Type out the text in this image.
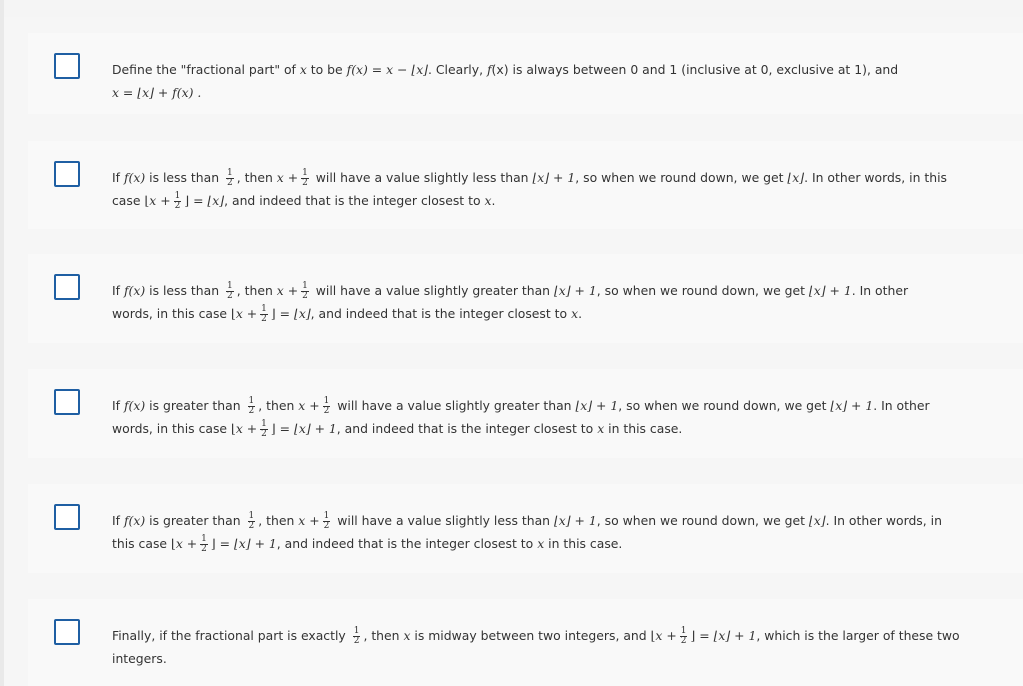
Define the "fractional part" of x to be f(x) = x − ⌊x⌋. Clearly, f(x) is always between 0 and 1 (inclusive at 0, exclusive at 1), and
x = ⌊x⌋ + f(x) .
If f(x) is less than $\frac{1}{2}$ , then $x + \frac{1}{2}$ will have a value slightly less than ⌊x⌋ + 1, so when we round down, we get ⌊x⌋. In other words, in this
case ⌊x + $\frac{1}{2}$ ⌋ = ⌊x⌋, and indeed that is the integer closest to x.
If f(x) is less than $\frac{1}{2}$ , then $x + \frac{1}{2}$ will have a value slightly greater than ⌊x⌋ + 1, so when we round down, we get ⌊x⌋ + 1. In other
words, in this case ⌊x + $\frac{1}{2}$ ⌋ = ⌊x⌋, and indeed that is the integer closest to x.
If f(x) is greater than $\frac{1}{2}$ , then $x + \frac{1}{2}$ will have a value slightly greater than ⌊x⌋ + 1, so when we round down, we get ⌊x⌋ + 1. In other
words, in this case ⌊x + $\frac{1}{2}$ ⌋ = ⌊x⌋ + 1, and indeed that is the integer closest to x in this case.
If f(x) is greater than $\frac{1}{2}$ , then $x + \frac{1}{2}$ will have a value slightly less than ⌊x⌋ + 1, so when we round down, we get ⌊x⌋. In other words, in
this case ⌊x + $\frac{1}{2}$ ⌋ = ⌊x⌋ + 1, and indeed that is the integer closest to x in this case.
Finally, if the fractional part is exactly $\frac{1}{2}$ , then x is midway between two integers, and ⌊x + $\frac{1}{2}$ ⌋ = ⌊x⌋ + 1, which is the larger of these two
integers.
